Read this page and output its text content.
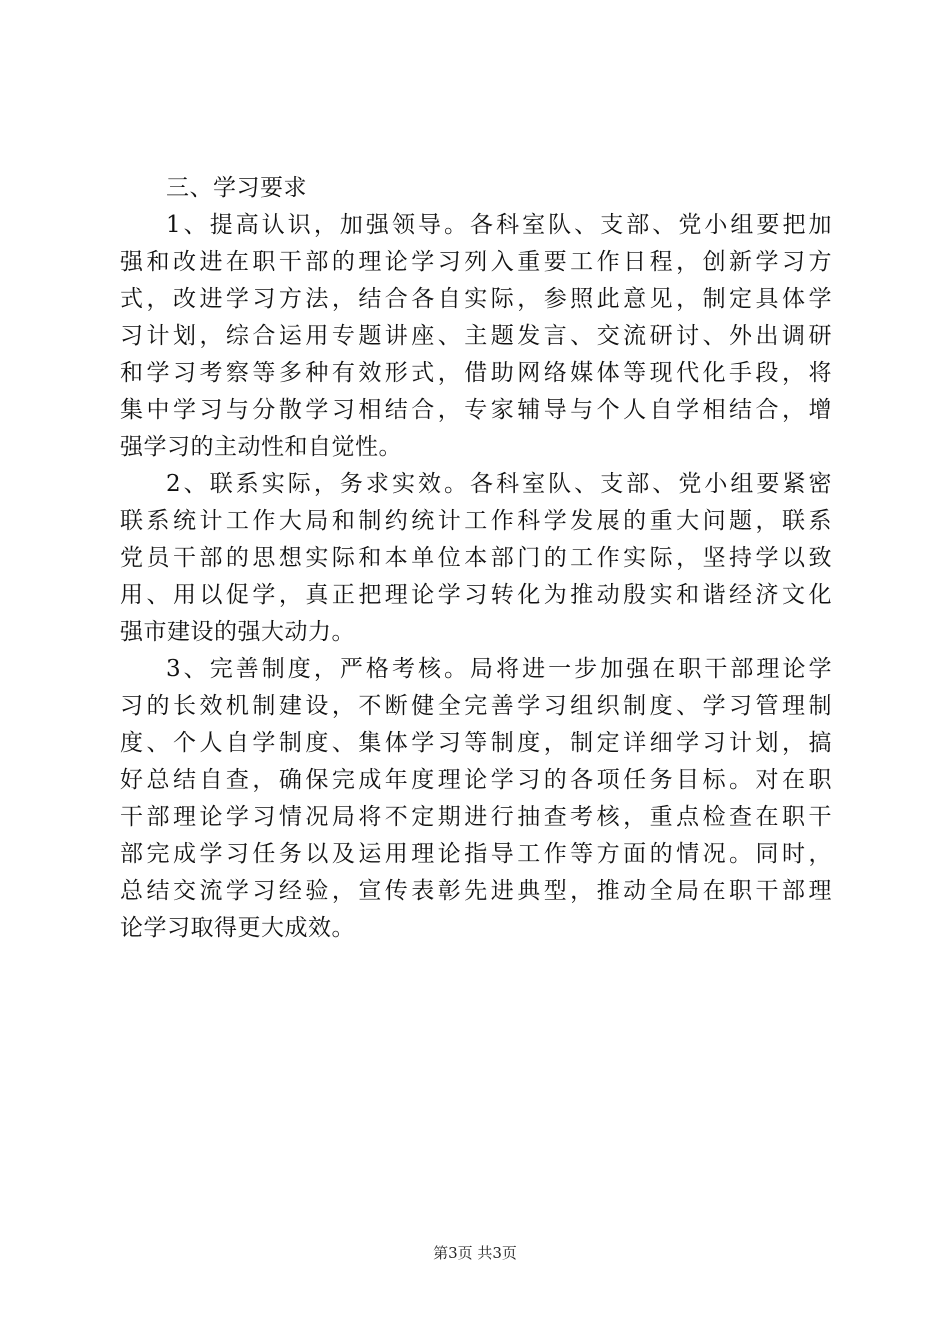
三、学习要求
1、提高认识，加强领导。各科室队、支部、党小组要把加
强和改进在职干部的理论学习列入重要工作日程，创新学习方
式，改进学习方法，结合各自实际，参照此意见，制定具体学
习计划，综合运用专题讲座、主题发言、交流研讨、外出调研
和学习考察等多种有效形式，借助网络媒体等现代化手段，将
集中学习与分散学习相结合，专家辅导与个人自学相结合，增
强学习的主动性和自觉性。
2、联系实际，务求实效。各科室队、支部、党小组要紧密
联系统计工作大局和制约统计工作科学发展的重大问题，联系
党员干部的思想实际和本单位本部门的工作实际，坚持学以致
用、用以促学，真正把理论学习转化为推动殷实和谐经济文化
强市建设的强大动力。
3、完善制度，严格考核。局将进一步加强在职干部理论学
习的长效机制建设，不断健全完善学习组织制度、学习管理制
度、个人自学制度、集体学习等制度，制定详细学习计划，搞
好总结自查，确保完成年度理论学习的各项任务目标。对在职
干部理论学习情况局将不定期进行抽查考核，重点检查在职干
部完成学习任务以及运用理论指导工作等方面的情况。同时，
总结交流学习经验，宣传表彰先进典型，推动全局在职干部理
论学习取得更大成效。
第3页 共3页
